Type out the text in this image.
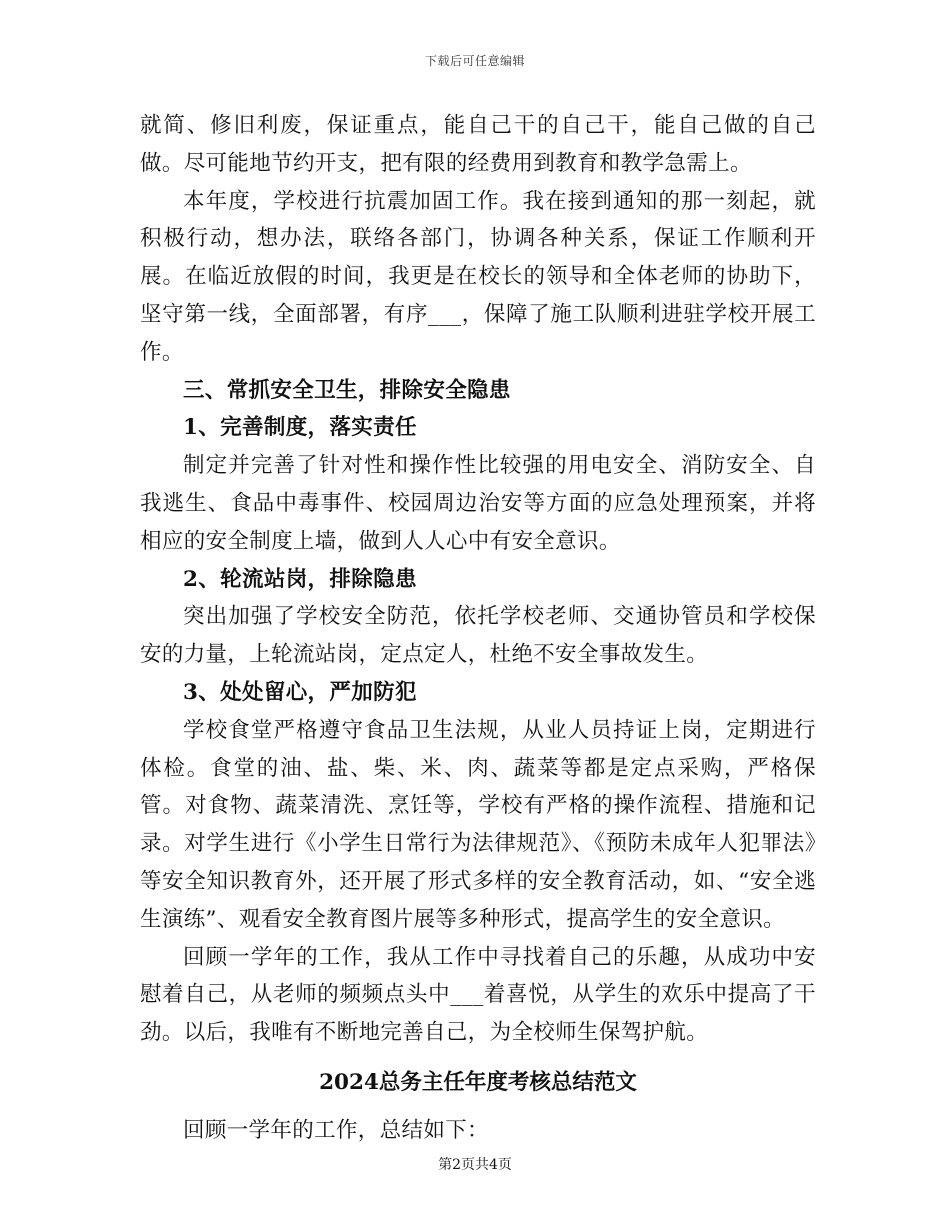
下载后可任意编辑

就简、修旧利废，保证重点，能自己干的自己干，能自己做的自己做。尽可能地节约开支，把有限的经费用到教育和教学急需上。

本年度，学校进行抗震加固工作。我在接到通知的那一刻起，就积极行动，想办法，联络各部门，协调各种关系，保证工作顺利开展。在临近放假的时间，我更是在校长的领导和全体老师的协助下，坚守第一线，全面部署，有序___，保障了施工队顺利进驻学校开展工作。

三、常抓安全卫生，排除安全隐患

1、完善制度，落实责任

制定并完善了针对性和操作性比较强的用电安全、消防安全、自我逃生、食品中毒事件、校园周边治安等方面的应急处理预案，并将相应的安全制度上墙，做到人人心中有安全意识。

2、轮流站岗，排除隐患

突出加强了学校安全防范，依托学校老师、交通协管员和学校保安的力量，上轮流站岗，定点定人，杜绝不安全事故发生。

3、处处留心，严加防犯

学校食堂严格遵守食品卫生法规，从业人员持证上岗，定期进行体检。食堂的油、盐、柴、米、肉、蔬菜等都是定点采购，严格保管。对食物、蔬菜清洗、烹饪等，学校有严格的操作流程、措施和记录。对学生进行《小学生日常行为法律规范》、《预防未成年人犯罪法》等安全知识教育外，还开展了形式多样的安全教育活动，如、“安全逃生演练”、观看安全教育图片展等多种形式，提高学生的安全意识。

回顾一学年的工作，我从工作中寻找着自己的乐趣，从成功中安慰着自己，从老师的频频点头中___着喜悦，从学生的欢乐中提高了干劲。以后，我唯有不断地完善自己，为全校师生保驾护航。

2024总务主任年度考核总结范文

回顾一学年的工作，总结如下：

第2页共4页
